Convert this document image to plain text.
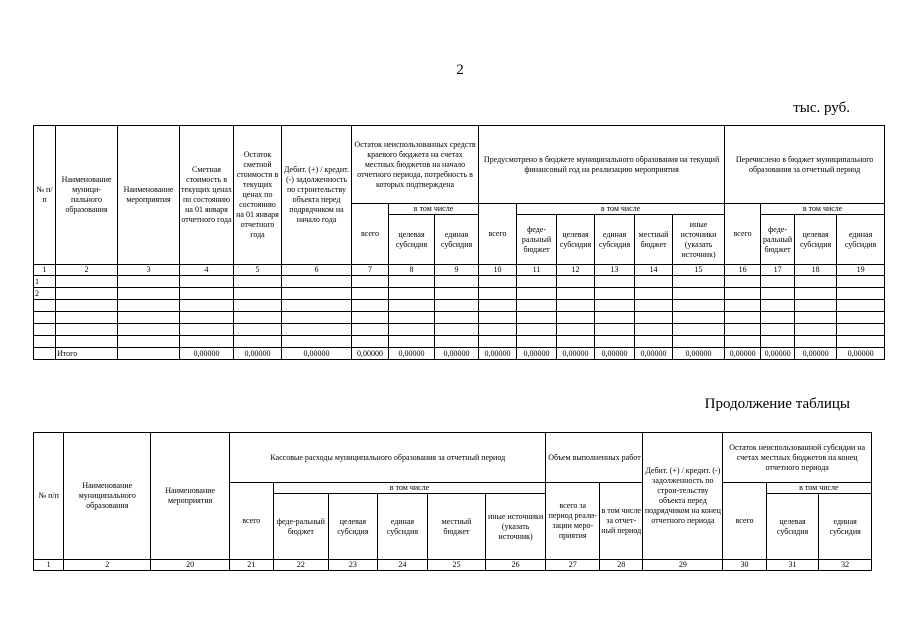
2
тыс. руб.
№ п/п	Наименование муници-пального образования	Наименование мероприятия	Сметная стоимость в текущих ценах по состоянию на 01 января отчетного года	Остаток сметной стоимости в текущих ценах по состоянию на 01 января отчетного года	Дебит. (+) / кредит. (-) задолженность по строительству объекта перед подрядчиком на начало года	Остаток неиспользованных средств краевого бюджета на счетах местных бюджетов на начало отчетного периода, потребность в которых подтверждена			Предусмотрено в бюджете муниципального образования на текущий финансовый год на реализацию мероприятия						Перечислено в бюджет муниципального образования за отчетный период			
						всего	в том числе		всего	в том числе					всего	в том числе		
							целевая субсидия	единая субсидия		феде-ральный бюджет	целевая субсидия	единая субсидия	местный бюджет	иные источники (указать источник)		феде-ральный бюджет	целевая субсидия	единая субсидия
1	2	3	4	5	6	7	8	9	10	11	12	13	14	15	16	17	18	19
1																		
2																		

	Итого		0,00000	0,00000	0,00000	0,00000	0,00000	0,00000	0,00000	0,00000	0,00000	0,00000	0,00000	0,00000	0,00000	0,00000	0,00000	0,00000
Продолжение таблицы
№ п/п	Наименование муниципального образования	Наименование мероприятия	Кассовые расходы муниципального образования за отчетный период						Объем выполненных работ		Дебит. (+) / кредит. (-) задолженность по строи-тельству объекта перед подрядчиком на конец отчетного периода	Остаток неиспользованной субсидии на счетах местных бюджетов на конец отчетного периода		
			всего	в том числе					всего за период реали-зации меро-приятия	в том числе за отчет-ный период		всего	в том числе	
				феде-ральный бюджет	целевая субсидия	единая субсидия	местный бюджет	иные источники (указать источник)					целевая субсидия	единая субсидия
1	2	20	21	22	23	24	25	26	27	28	29	30	31	32
